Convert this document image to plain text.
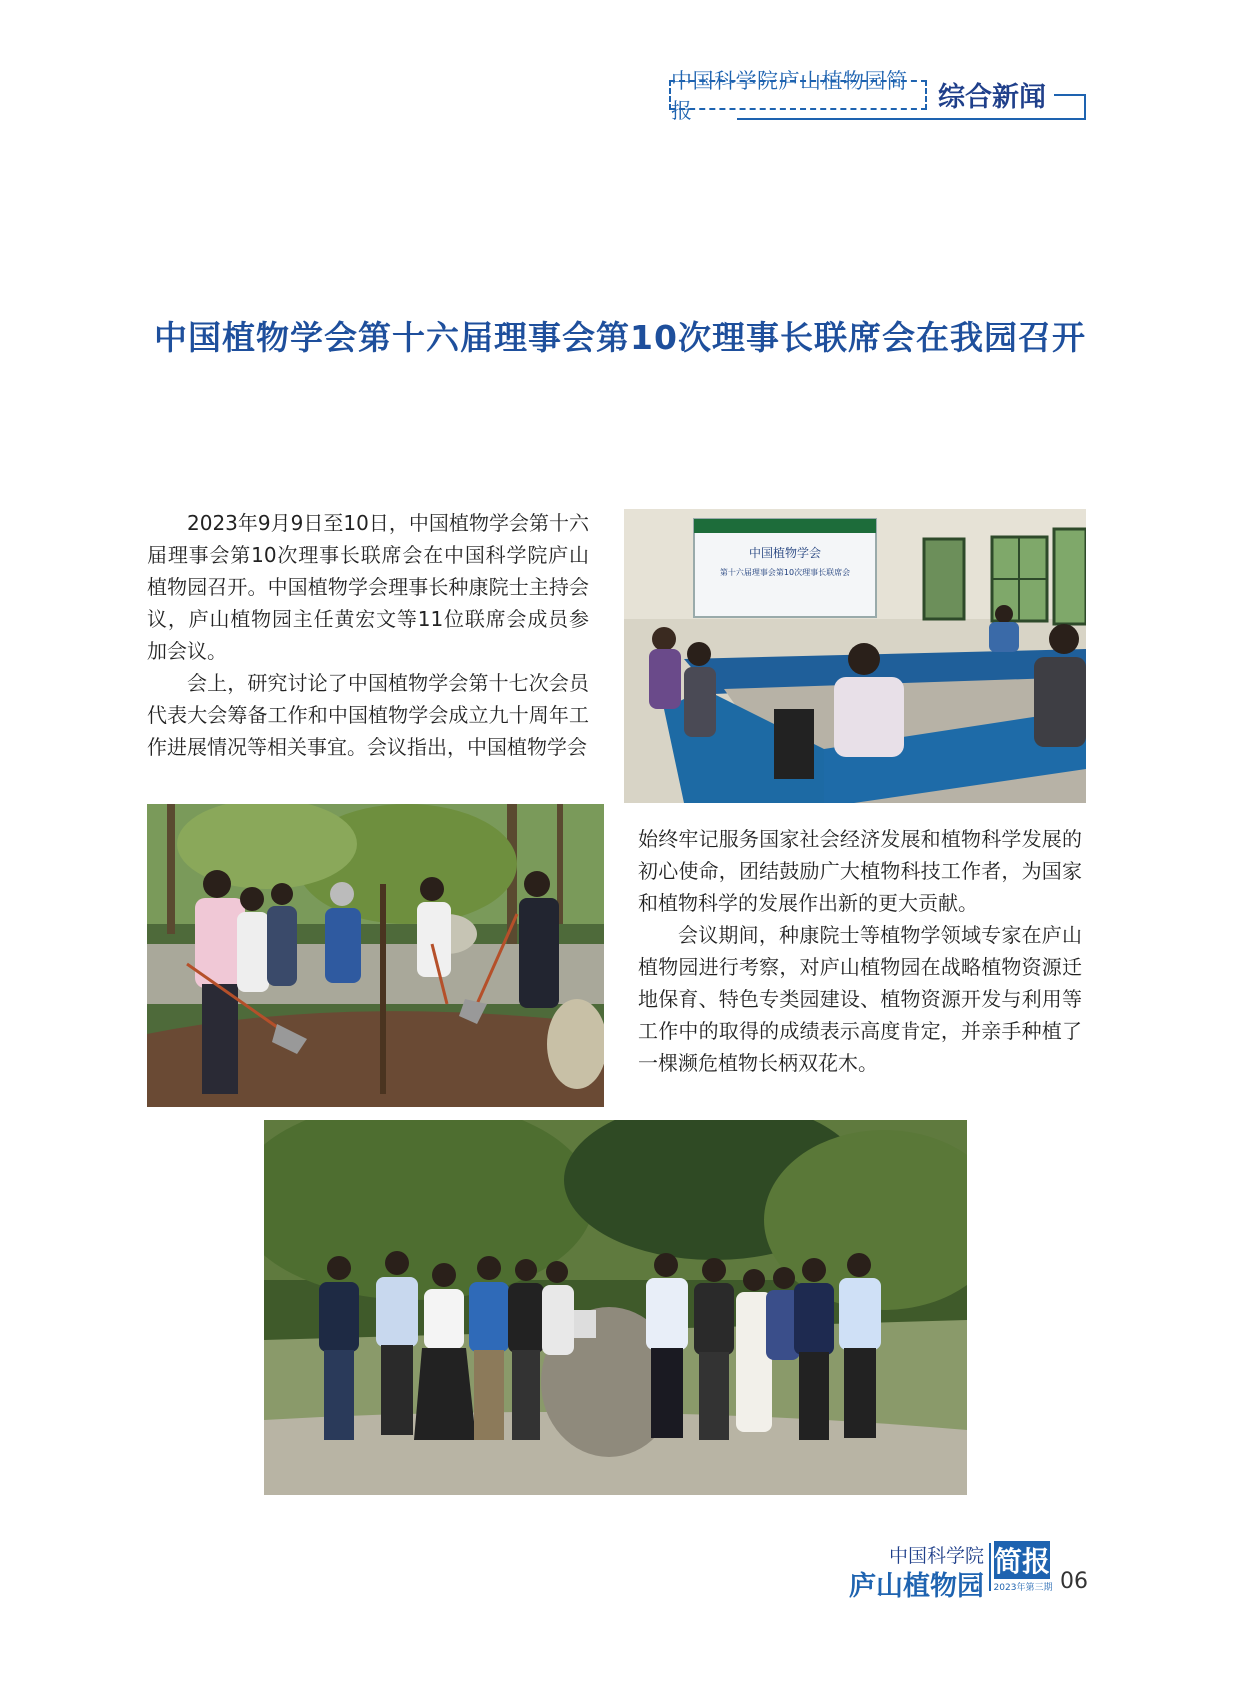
中国科学院庐山植物园简报	综合新闻
中国植物学会第十六届理事会第10次理事长联席会在我园召开

2023年9月9日至10日，中国植物学会第十六届理事会第10次理事长联席会在中国科学院庐山植物园召开。中国植物学会理事长种康院士主持会议，庐山植物园主任黄宏文等11位联席会成员参加会议。

会上，研究讨论了中国植物学会第十七次会员代表大会筹备工作和中国植物学会成立九十周年工作进展情况等相关事宜。会议指出，中国植物学会

始终牢记服务国家社会经济发展和植物科学发展的初心使命，团结鼓励广大植物科技工作者，为国家和植物科学的发展作出新的更大贡献。

会议期间，种康院士等植物学领域专家在庐山植物园进行考察，对庐山植物园在战略植物资源迁地保育、特色专类园建设、植物资源开发与利用等工作中的取得的成绩表示高度肯定，并亲手种植了一棵濒危植物长柄双花木。

中国植物学会
第十六届理事会第10次理事长联席会
中国科学院
庐山植物园
简报
2023年第三期 06
